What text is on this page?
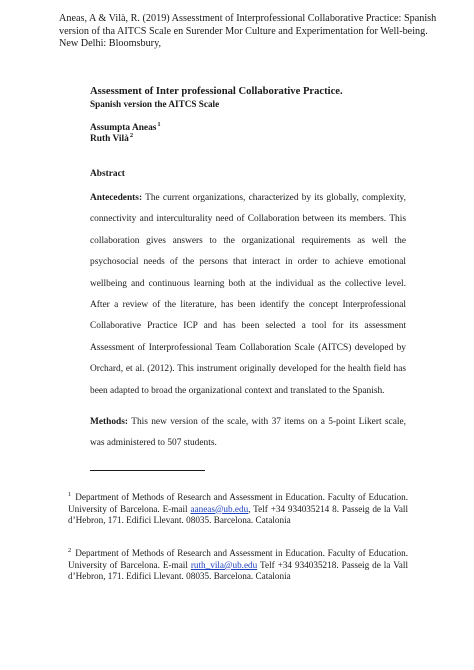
Aneas, A & Vilà, R. (2019) Assesstment of Interprofessional Collaborative Practice: Spanish version of tha AITCS Scale en Surender Mor Culture and Experimentation for Well-being. New Delhi: Bloomsbury,
Assessment of Inter professional Collaborative Practice.
Spanish version the AITCS Scale
Assumpta Aneas$^1$
Ruth Vilà$^2$
Abstract
Antecedents: The current organizations, characterized by its globally, complexity, connectivity and interculturality need of Collaboration between its members. This collaboration gives answers to the organizational requirements as well the psychosocial needs of the persons that interact in order to achieve emotional wellbeing and continuous learning both at the individual as the collective level. After a review of the literature, has been identify the concept Interprofessional Collaborative Practice ICP and has been selected a tool for its assessment Assessment of Interprofessional Team Collaboration Scale (AITCS) developed by Orchard, et al. (2012). This instrument originally developed for the health field has been adapted to broad the organizational context and translated to the Spanish.
Methods: This new version of the scale, with 37 items on a 5-point Likert scale, was administered to 507 students.
$^1$ Department of Methods of Research and Assessment in Education. Faculty of Education. University of Barcelona. E-mail aaneas@ub.edu, Telf +34 934035214 8. Passeig de la Vall d’Hebron, 171. Edifici Llevant. 08035. Barcelona. Catalonia
$^2$ Department of Methods of Research and Assessment in Education. Faculty of Education. University of Barcelona. E-mail ruth_vila@ub.edu Telf +34 934035218. Passeig de la Vall d’Hebron, 171. Edifici Llevant. 08035. Barcelona. Catalonia
